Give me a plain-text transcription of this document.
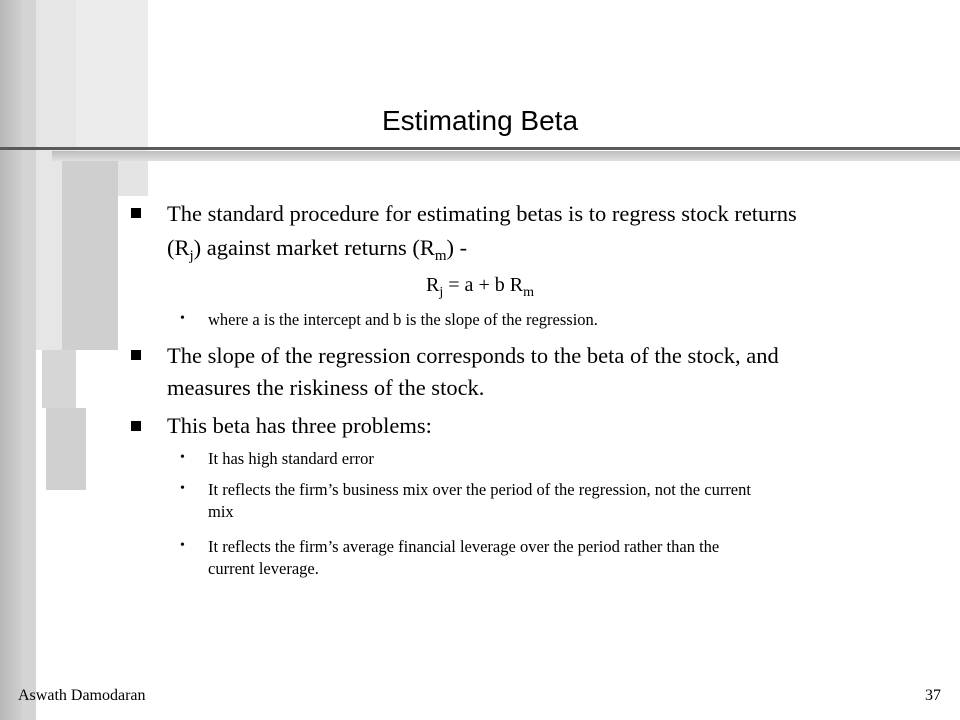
Estimating Beta
The standard procedure for estimating betas is to regress stock returns
$(R_j)$ against market returns $(R_m)$ -
$R_j = a + b$ $R_m$
• where a is the intercept and b is the slope of the regression.
The slope of the regression corresponds to the beta of the stock, and
measures the riskiness of the stock.
This beta has three problems:
• It has high standard error
• It reflects the firm’s business mix over the period of the regression, not the current
mix
• It reflects the firm’s average financial leverage over the period rather than the
current leverage.
Aswath Damodaran	37
